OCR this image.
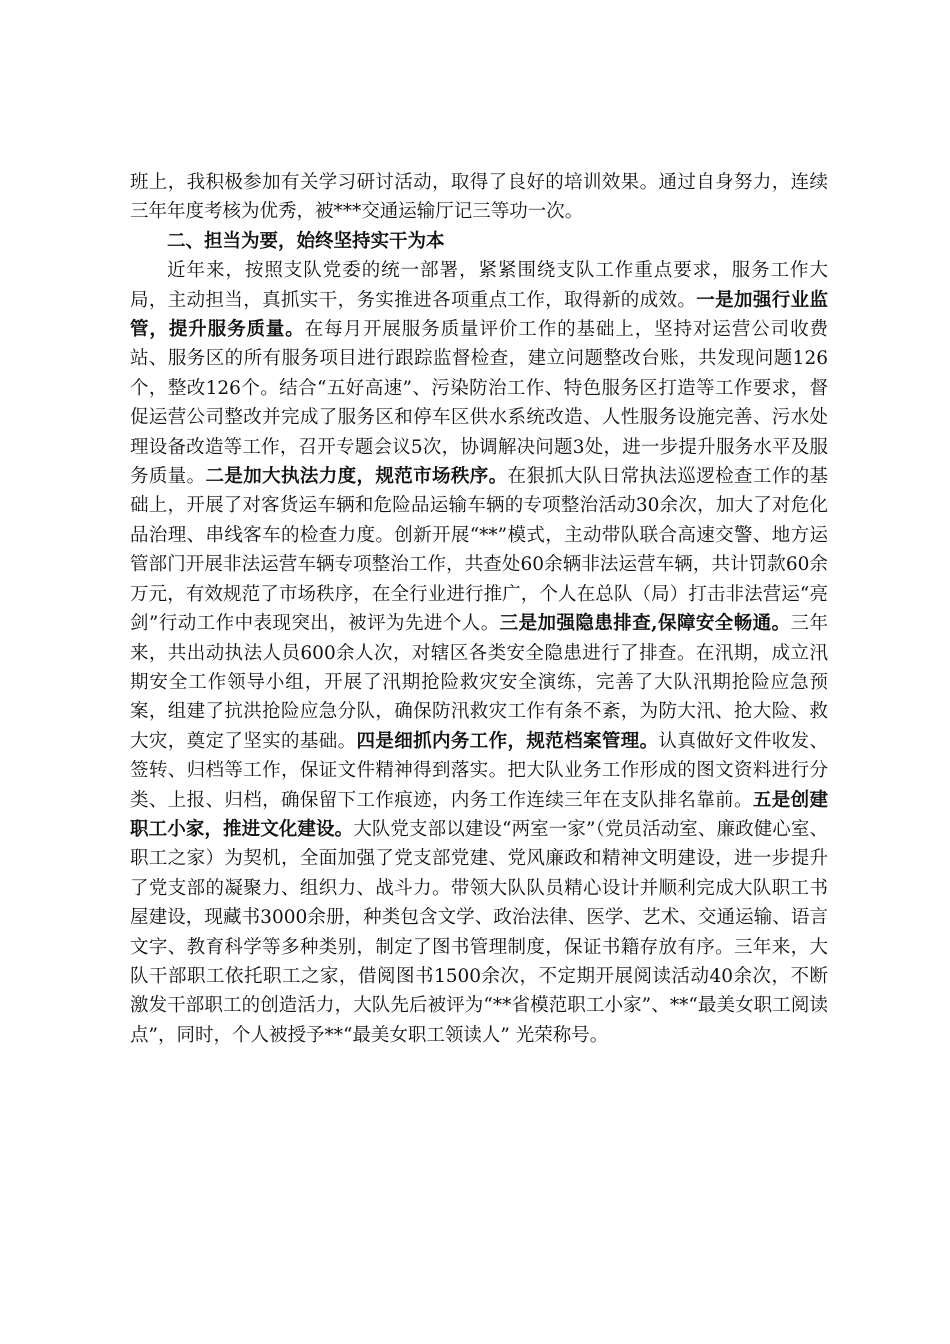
班上，我积极参加有关学习研讨活动，取得了良好的培训效果。通过自身努力，连续三年年度考核为优秀，被***交通运输厅记三等功一次。

二、担当为要，始终坚持实干为本

近年来，按照支队党委的统一部署，紧紧围绕支队工作重点要求，服务工作大局，主动担当，真抓实干，务实推进各项重点工作，取得新的成效。一是加强行业监管，提升服务质量。在每月开展服务质量评价工作的基础上，坚持对运营公司收费站、服务区的所有服务项目进行跟踪监督检查，建立问题整改台账，共发现问题126个，整改126个。结合“五好高速”、污染防治工作、特色服务区打造等工作要求，督促运营公司整改并完成了服务区和停车区供水系统改造、人性服务设施完善、污水处理设备改造等工作，召开专题会议5次，协调解决问题3处，进一步提升服务水平及服务质量。二是加大执法力度，规范市场秩序。在狠抓大队日常执法巡逻检查工作的基础上，开展了对客货运车辆和危险品运输车辆的专项整治活动30余次，加大了对危化品治理、串线客车的检查力度。创新开展“**”模式，主动带队联合高速交警、地方运管部门开展非法运营车辆专项整治工作，共查处60余辆非法运营车辆，共计罚款60余万元，有效规范了市场秩序，在全行业进行推广，个人在总队（局）打击非法营运“亮剑”行动工作中表现突出，被评为先进个人。三是加强隐患排查,保障安全畅通。三年来，共出动执法人员600余人次，对辖区各类安全隐患进行了排查。在汛期，成立汛期安全工作领导小组，开展了汛期抢险救灾安全演练，完善了大队汛期抢险应急预案，组建了抗洪抢险应急分队，确保防汛救灾工作有条不紊，为防大汛、抢大险、救大灾，奠定了坚实的基础。四是细抓内务工作，规范档案管理。认真做好文件收发、签转、归档等工作，保证文件精神得到落实。把大队业务工作形成的图文资料进行分类、上报、归档，确保留下工作痕迹，内务工作连续三年在支队排名靠前。五是创建职工小家，推进文化建设。大队党支部以建设“两室一家”（党员活动室、廉政健心室、职工之家）为契机，全面加强了党支部党建、党风廉政和精神文明建设，进一步提升了党支部的凝聚力、组织力、战斗力。带领大队队员精心设计并顺利完成大队职工书屋建设，现藏书3000余册，种类包含文学、政治法律、医学、艺术、交通运输、语言文字、教育科学等多种类别，制定了图书管理制度，保证书籍存放有序。三年来，大队干部职工依托职工之家，借阅图书1500余次，不定期开展阅读活动40余次，不断激发干部职工的创造活力，大队先后被评为“**省模范职工小家”、**“最美女职工阅读点”，同时，个人被授予**“最美女职工领读人” 光荣称号。
